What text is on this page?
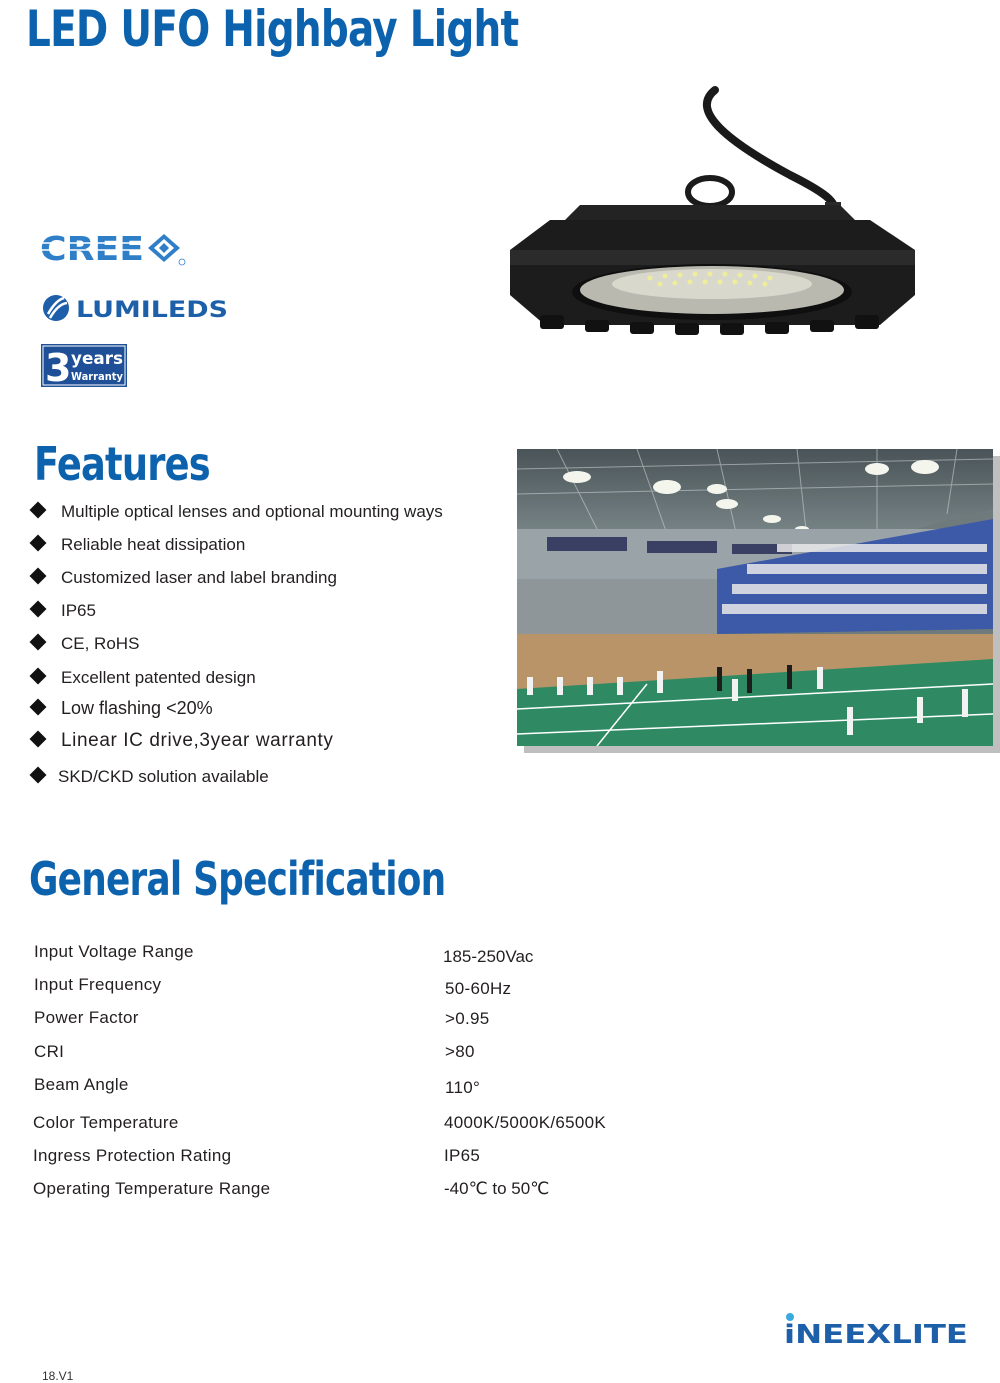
LED UFO Highbay Light
CREE
LUMILEDS
3 years
Warranty
Features
Multiple optical lenses and optional mounting ways
Reliable heat dissipation
Customized laser and label branding
IP65
CE, RoHS
Excellent patented design
Low flashing <20%
Linear IC drive,3year warranty
SKD/CKD solution available
General Specification
Input Voltage Range	185-250Vac
Input Frequency	50-60Hz
Power Factor	>0.95
CRI	>80
Beam Angle	110°
Color Temperature	4000K/5000K/6500K
Ingress Protection Rating	IP65
Operating Temperature Range	-40℃ to 50℃
iNEEXLITE
18.V1
